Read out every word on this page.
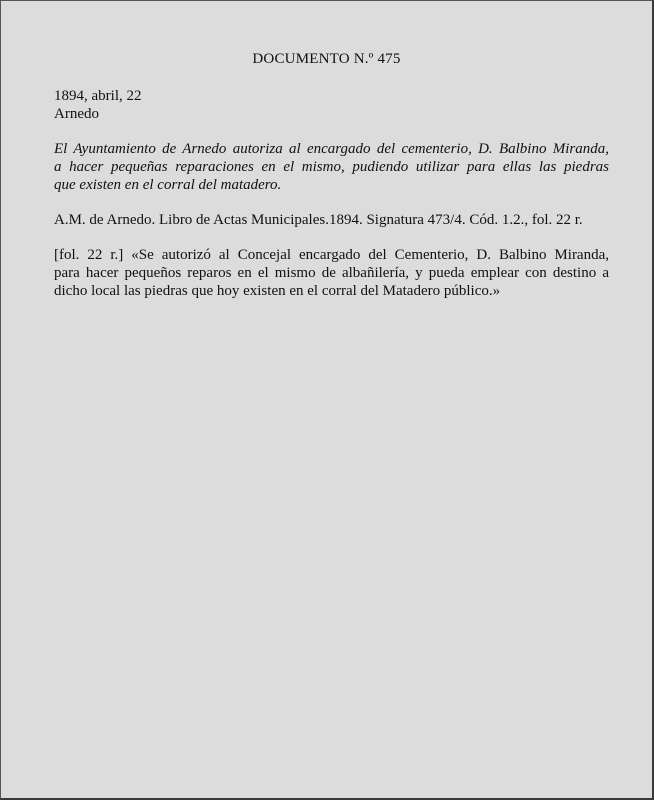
DOCUMENTO N.º 475
1894, abril, 22
Arnedo
El Ayuntamiento de Arnedo autoriza al encargado del cementerio, D. Balbino Miranda,
a hacer pequeñas reparaciones en el mismo, pudiendo utilizar para ellas las piedras
que existen en el corral del matadero.
A.M. de Arnedo. Libro de Actas Municipales.1894. Signatura 473/4. Cód. 1.2., fol. 22 r.
[fol. 22 r.] «Se autorizó al Concejal encargado del Cementerio, D. Balbino Miranda,
para hacer pequeños reparos en el mismo de albañilería, y pueda emplear con destino a
dicho local las piedras que hoy existen en el corral del Matadero público.»
